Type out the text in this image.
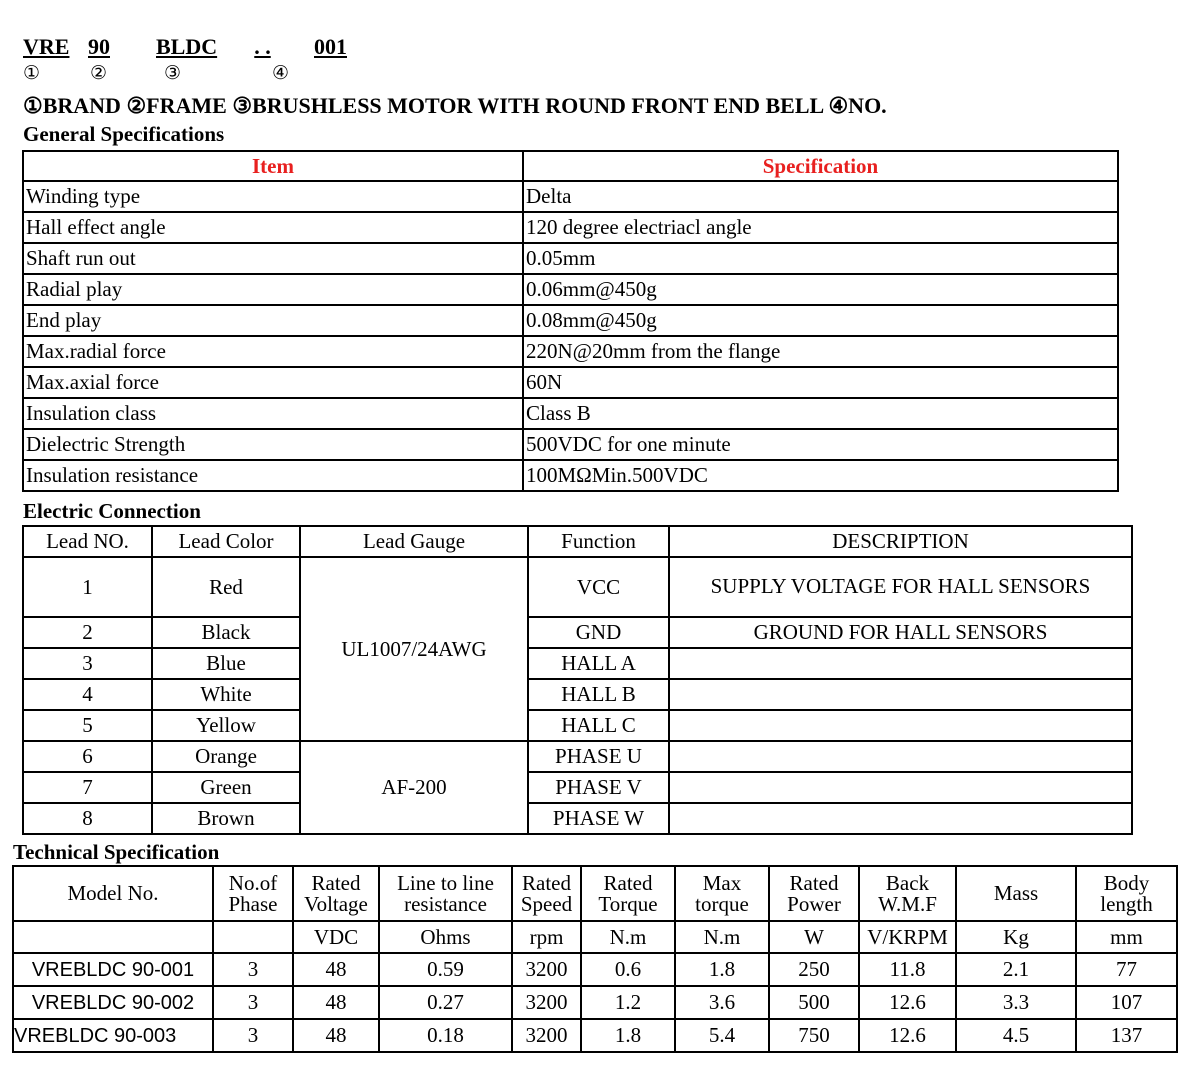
VRE 90 BLDC	. .	001
①	②	③	④
①BRAND ②FRAME ③BRUSHLESS MOTOR WITH ROUND FRONT END BELL ④NO.
General Specifications
Item	Specification
Winding type	Delta
Hall effect angle	120 degree electriacl angle
Shaft run out	0.05mm
Radial play	0.06mm@450g
End play	0.08mm@450g
Max.radial force	220N@20mm from the flange
Max.axial force	60N
Insulation class	Class B
Dielectric Strength	500VDC for one minute
Insulation resistance	100MΩMin.500VDC
Electric Connection
Lead NO.	Lead Color	Lead Gauge	Function	DESCRIPTION
1	Red	UL1007/24AWG	VCC	SUPPLY VOLTAGE FOR HALL SENSORS
2	Black		GND	GROUND FOR HALL SENSORS
3	Blue		HALL A	
4	White		HALL B	
5	Yellow		HALL C	
6	Orange	AF-200	PHASE U	
7	Green		PHASE V	
8	Brown		PHASE W	
Technical Specification
Model No.	No.of Phase	Rated Voltage	Line to line resistance	Rated Speed	Rated Torque	Max torque	Rated Power	Back W.M.F	Mass	Body length
		VDC	Ohms	rpm	N.m	N.m	W	V/KRPM	Kg	mm
VREBLDC 90-001	3	48	0.59	3200	0.6	1.8	250	11.8	2.1	77
VREBLDC 90-002	3	48	0.27	3200	1.2	3.6	500	12.6	3.3	107
VREBLDC 90-003	3	48	0.18	3200	1.8	5.4	750	12.6	4.5	137
